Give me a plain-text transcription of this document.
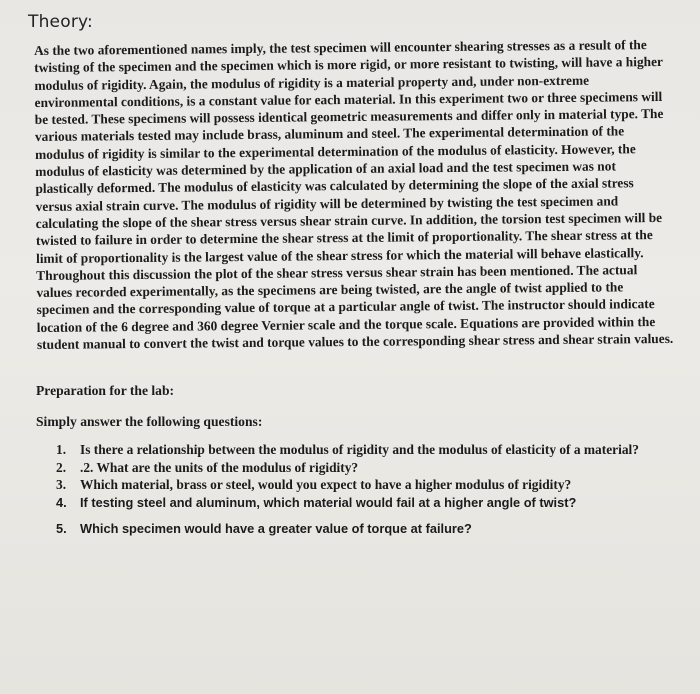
Theory:

As the two aforementioned names imply, the test specimen will encounter shearing stresses as a result of the twisting of the specimen and the specimen which is more rigid, or more resistant to twisting, will have a higher modulus of rigidity. Again, the modulus of rigidity is a material property and, under non-extreme environmental conditions, is a constant value for each material. In this experiment two or three specimens will be tested. These specimens will possess identical geometric measurements and differ only in material type. The various materials tested may include brass, aluminum and steel. The experimental determination of the modulus of rigidity is similar to the experimental determination of the modulus of elasticity. However, the modulus of elasticity was determined by the application of an axial load and the test specimen was not plastically deformed. The modulus of elasticity was calculated by determining the slope of the axial stress versus axial strain curve. The modulus of rigidity will be determined by twisting the test specimen and calculating the slope of the shear stress versus shear strain curve. In addition, the torsion test specimen will be twisted to failure in order to determine the shear stress at the limit of proportionality. The shear stress at the limit of proportionality is the largest value of the shear stress for which the material will behave elastically. Throughout this discussion the plot of the shear stress versus shear strain has been mentioned. The actual values recorded experimentally, as the specimens are being twisted, are the angle of twist applied to the specimen and the corresponding value of torque at a particular angle of twist. The instructor should indicate location of the 6 degree and 360 degree Vernier scale and the torque scale. Equations are provided within the student manual to convert the twist and torque values to the corresponding shear stress and shear strain values.

Preparation for the lab:
Simply answer the following questions:
1.	Is there a relationship between the modulus of rigidity and the modulus of elasticity of a material?
2.	.2. What are the units of the modulus of rigidity?
3.	Which material, brass or steel, would you expect to have a higher modulus of rigidity?
4.	If testing steel and aluminum, which material would fail at a higher angle of twist?
5.	Which specimen would have a greater value of torque at failure?
